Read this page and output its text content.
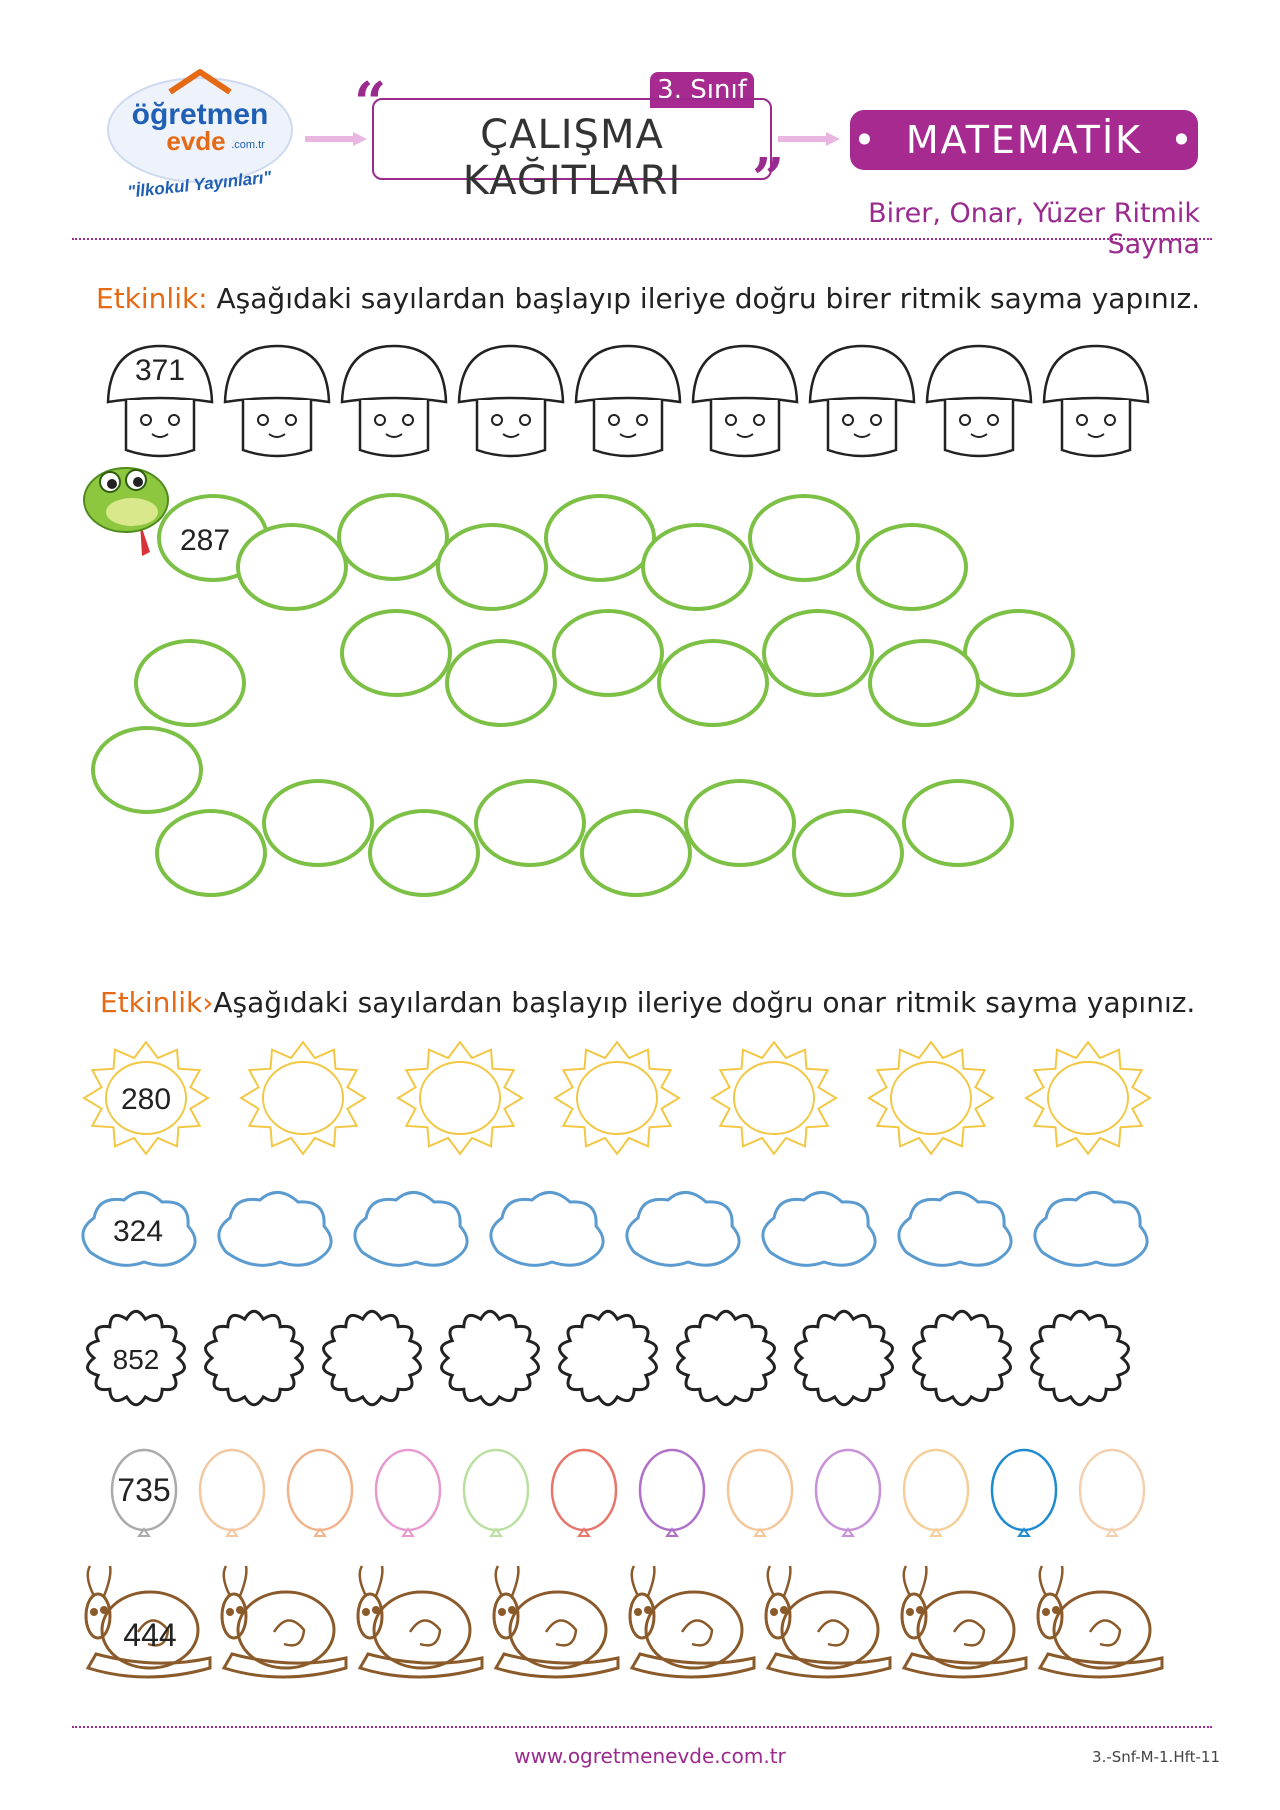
öğretmen
evde .com.tr
"İlkokul Yayınları"
“	3. Sınıf
ÇALIŞMA KAĞITLARI	”
•  MATEMATİK  •
Birer, Onar, Yüzer Ritmik Sayma
Etkinlik: Aşağıdaki sayılardan başlayıp ileriye doğru birer ritmik sayma yapınız.
371
287
Etkinlik›Aşağıdaki sayılardan başlayıp ileriye doğru onar ritmik sayma yapınız.
280
324
852
735
444
www.ogretmenevde.com.tr	3.-Snf-M-1.Hft-11
